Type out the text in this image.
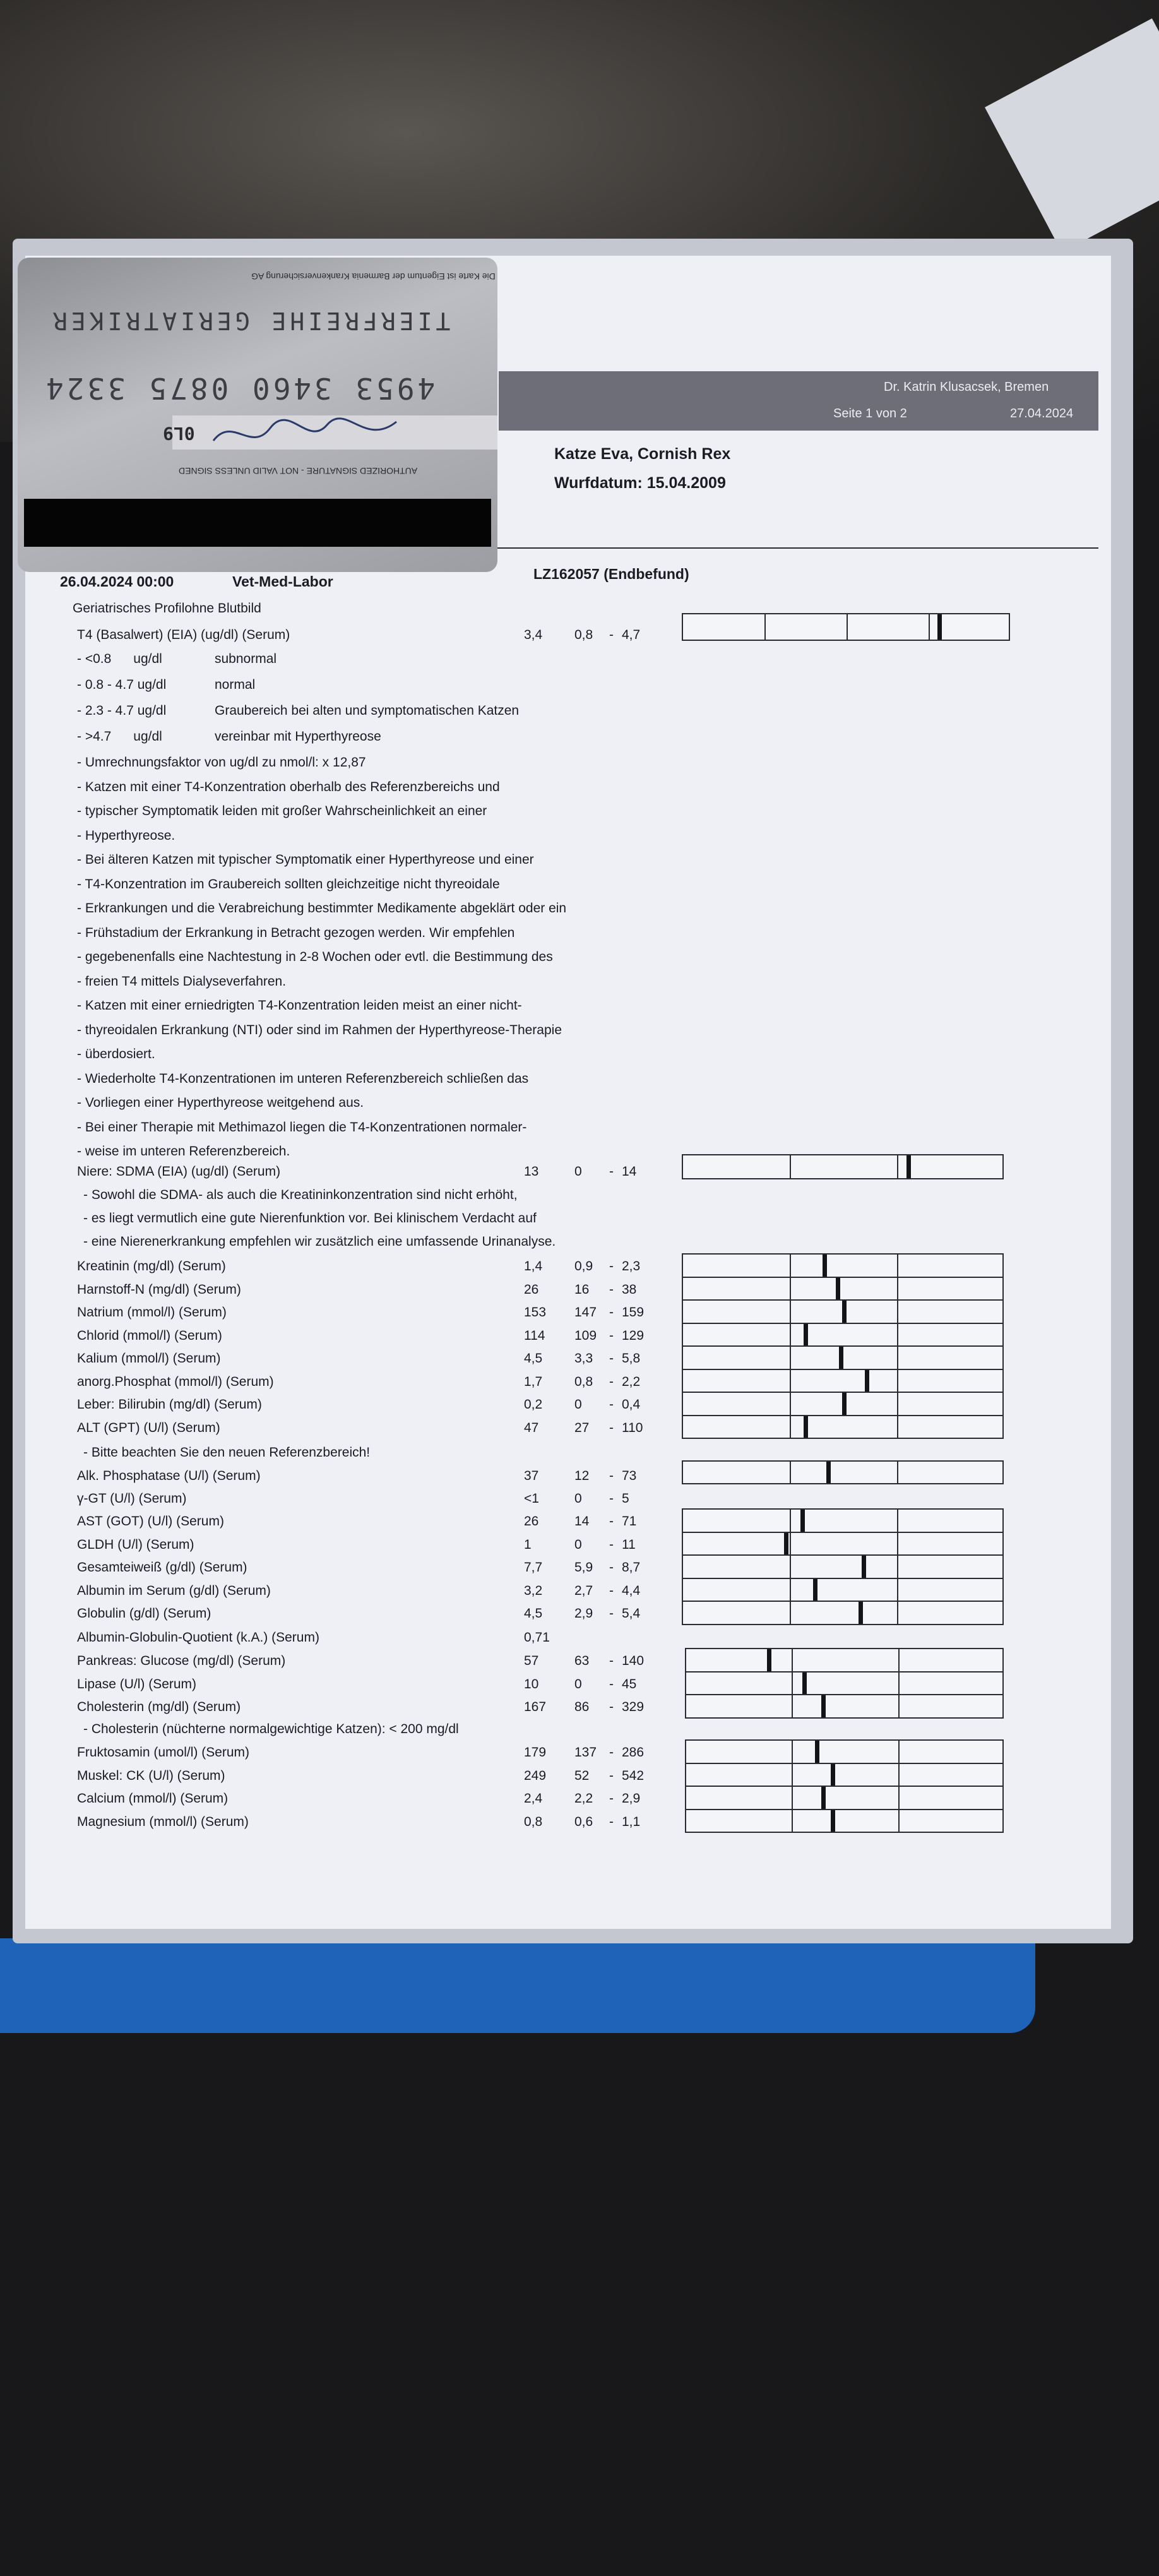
Dr. Katrin Klusacsek, Bremen
Seite 1 von 2	27.04.2024
Katze Eva, Cornish Rex
Wurfdatum: 15.04.2009
26.04.2024 00:00	Vet-Med-Labor	LZ162057 (Endbefund)
Geriatrisches Profilohne Blutbild
T4 (Basalwert) (EIA) (ug/dl) (Serum)	3,4 0,8 - 4,7
- <0.8      ug/dl	subnormal
- 0.8 - 4.7 ug/dl	normal
- 2.3 - 4.7 ug/dl	Graubereich bei alten und symptomatischen Katzen
- >4.7      ug/dl	vereinbar mit Hyperthyreose
- Umrechnungsfaktor von ug/dl zu nmol/l: x 12,87
- Katzen mit einer T4-Konzentration oberhalb des Referenzbereichs und
- typischer Symptomatik leiden mit großer Wahrscheinlichkeit an einer
- Hyperthyreose.
- Bei älteren Katzen mit typischer Symptomatik einer Hyperthyreose und einer
- T4-Konzentration im Graubereich sollten gleichzeitige nicht thyreoidale
- Erkrankungen und die Verabreichung bestimmter Medikamente abgeklärt oder ein
- Frühstadium der Erkrankung in Betracht gezogen werden. Wir empfehlen
- gegebenenfalls eine Nachtestung in 2-8 Wochen oder evtl. die Bestimmung des
- freien T4 mittels Dialyseverfahren.
- Katzen mit einer erniedrigten T4-Konzentration leiden meist an einer nicht-
- thyreoidalen Erkrankung (NTI) oder sind im Rahmen der Hyperthyreose-Therapie
- überdosiert.
- Wiederholte T4-Konzentrationen im unteren Referenzbereich schließen das
- Vorliegen einer Hyperthyreose weitgehend aus.
- Bei einer Therapie mit Methimazol liegen die T4-Konzentrationen normaler-
- weise im unteren Referenzbereich.
Niere: SDMA (EIA) (ug/dl) (Serum)	13	0 - 14
- Sowohl die SDMA- als auch die Kreatininkonzentration sind nicht erhöht,
- es liegt vermutlich eine gute Nierenfunktion vor. Bei klinischem Verdacht auf
- eine Nierenerkrankung empfehlen wir zusätzlich eine umfassende Urinanalyse.
Kreatinin (mg/dl) (Serum)	1,4 0,9 - 2,3
Harnstoff-N (mg/dl) (Serum)	26	16 - 38
Natrium (mmol/l) (Serum)	153 147 - 159
Chlorid (mmol/l) (Serum)	114 109 - 129
Kalium (mmol/l) (Serum)	4,5 3,3 - 5,8
anorg.Phosphat (mmol/l) (Serum)	1,7 0,8 - 2,2
Leber: Bilirubin (mg/dl) (Serum)	0,2 0 - 0,4
ALT (GPT) (U/l) (Serum)	47	27 - 110
- Bitte beachten Sie den neuen Referenzbereich!
Alk. Phosphatase (U/l) (Serum)	37	12 - 73
γ-GT (U/l) (Serum)	<1	0 - 5
AST (GOT) (U/l) (Serum)	26	14 - 71
GLDH (U/l) (Serum)	1	0 - 11
Gesamteiweiß (g/dl) (Serum)	7,7 5,9 - 8,7
Albumin im Serum (g/dl) (Serum)	3,2 2,7 - 4,4
Globulin (g/dl) (Serum)	4,5 2,9 - 5,4
Albumin-Globulin-Quotient (k.A.) (Serum)	0,71
Pankreas: Glucose (mg/dl) (Serum)	57	63 - 140
Lipase (U/l) (Serum)	10	0 - 45
Cholesterin (mg/dl) (Serum)	167 86 - 329
- Cholesterin (nüchterne normalgewichtige Katzen): < 200 mg/dl
Fruktosamin (umol/l) (Serum)	179 137 - 286
Muskel: CK (U/l) (Serum)	249 52 - 542
Calcium (mmol/l) (Serum)	2,4 2,2 - 2,9
Magnesium (mmol/l) (Serum)	0,8 0,6 - 1,1
Die Karte ist Eigentum der Barmenia Krankenversicherung AG
TIERFREIHE GERIATRIKER
4953 3460 0875 3324
0L9
AUTHORIZED SIGNATURE - NOT VALID UNLESS SIGNED
